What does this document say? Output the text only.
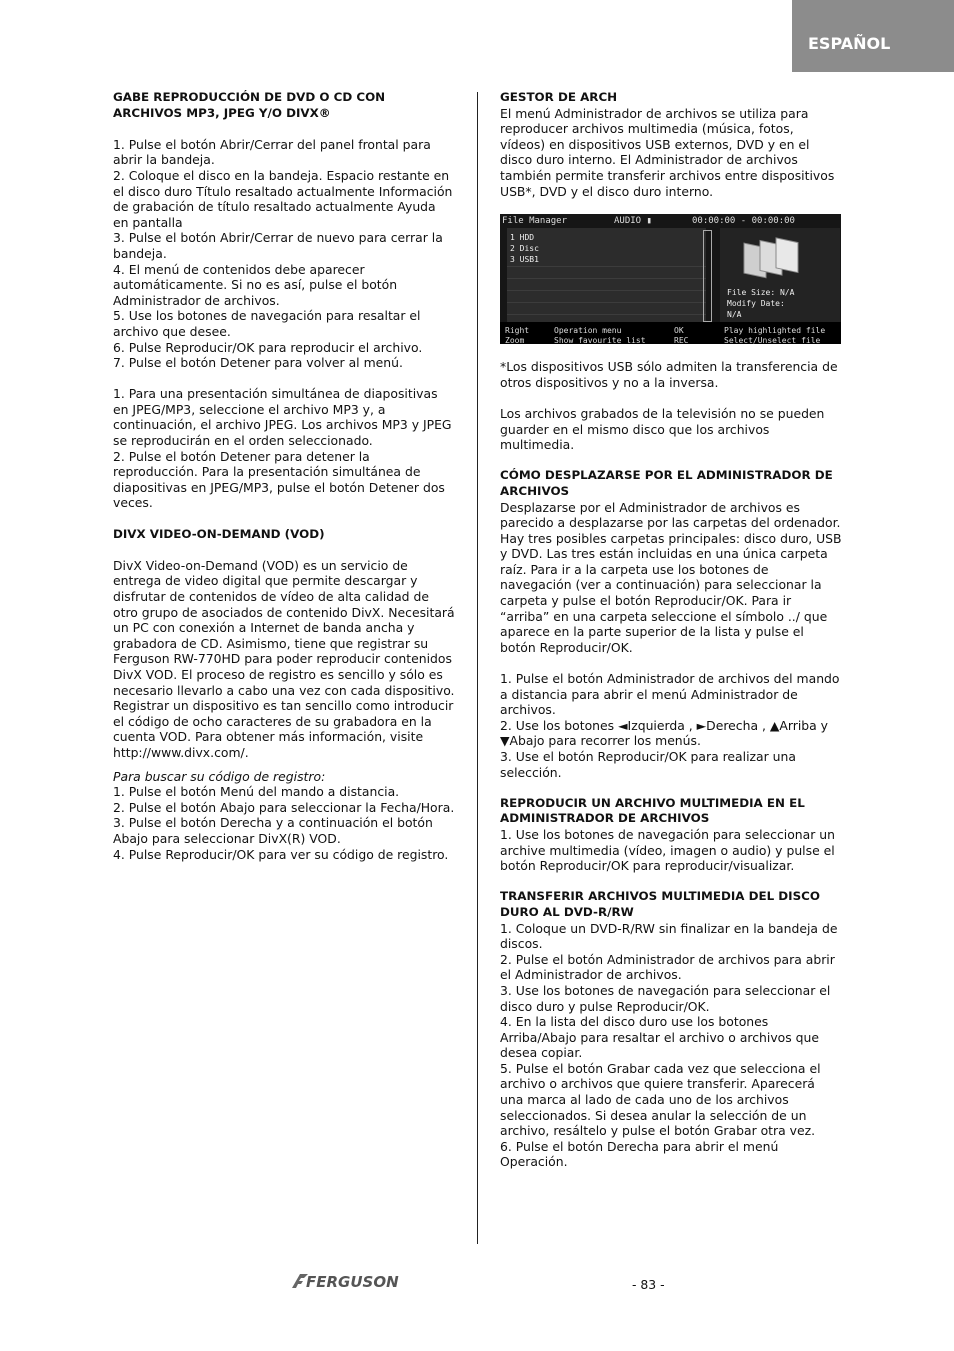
ESPAÑOL

GABE REPRODUCCIÓN DE DVD O CD CON ARCHIVOS MP3, JPEG Y/O DIVX®

1. Pulse el botón Abrir/Cerrar del panel frontal para abrir la bandeja.

2. Coloque el disco en la bandeja. Espacio restante en el disco duro Título resaltado actualmente Información de grabación de título resaltado actualmente Ayuda en pantalla

3. Pulse el botón Abrir/Cerrar de nuevo para cerrar la bandeja.

4. El menú de contenidos debe aparecer automáticamente. Si no es así, pulse el botón Administrador de archivos.

5. Use los botones de navegación para resaltar el archivo que desee.

6. Pulse Reproducir/OK para reproducir el archivo.

7. Pulse el botón Detener para volver al menú.

1. Para una presentación simultánea de diapositivas en JPEG/MP3, seleccione el archivo MP3 y, a continuación, el archivo JPEG. Los archivos MP3 y JPEG se reproducirán en el orden seleccionado.

2. Pulse el botón Detener para detener la reproducción. Para la presentación simultánea de diapositivas en JPEG/MP3, pulse el botón Detener dos veces.

DIVX VIDEO-ON-DEMAND (VOD)

DivX Video-on-Demand (VOD) es un servicio de entrega de video digital que permite descargar y disfrutar de contenidos de vídeo de alta calidad de otro grupo de asociados de contenido DivX. Necesitará un PC con conexión a Internet de banda ancha y grabadora de CD. Asimismo, tiene que registrar su Ferguson RW-770HD para poder reproducir contenidos DivX VOD. El proceso de registro es sencillo y sólo es necesario llevarlo a cabo una vez con cada dispositivo. Registrar un dispositivo es tan sencillo como introducir el código de ocho caracteres de su grabadora en la cuenta VOD. Para obtener más información, visite http://www.divx.com/.

Para buscar su código de registro:

1. Pulse el botón Menú del mando a distancia.

2. Pulse el botón Abajo para seleccionar la Fecha/Hora.

3. Pulse el botón Derecha y a continuación el botón Abajo para seleccionar DivX(R) VOD.

4. Pulse Reproducir/OK para ver su código de registro.

GESTOR DE ARCH

El menú Administrador de archivos se utiliza para reproducer archivos multimedia (música, fotos, vídeos) en dispositivos USB externos, DVD y en el disco duro interno. El Administrador de archivos también permite transferir archivos entre dispositivos USB*, DVD y el disco duro interno.

File Manager	AUDIO ▮	00:00:00 - 00:00:00
1 HDD
2 Disc
3 USB1
File Size: N/A
Modify Date:
N/A
Right	Operation menu	OK	Play highlighted file
Zoom	Show favourite list	REC	Select/Unselect file

*Los dispositivos USB sólo admiten la transferencia de otros dispositivos y no a la inversa.

Los archivos grabados de la televisión no se pueden guarder en el mismo disco que los archivos multimedia.

CÓMO DESPLAZARSE POR EL ADMINISTRADOR DE ARCHIVOS

Desplazarse por el Administrador de archivos es parecido a desplazarse por las carpetas del ordenador. Hay tres posibles carpetas principales: disco duro, USB y DVD. Las tres están incluidas en una única carpeta raíz. Para ir a la carpeta use los botones de navegación (ver a continuación) para seleccionar la carpeta y pulse el botón Reproducir/OK. Para ir “arriba” en una carpeta seleccione el símbolo ../ que aparece en la parte superior de la lista y pulse el botón Reproducir/OK.

1. Pulse el botón Administrador de archivos del mando a distancia para abrir el menú Administrador de archivos.

2. Use los botones ◄Izquierda , ►Derecha , ▲Arriba y ▼Abajo para recorrer los menús.

3. Use el botón Reproducir/OK para realizar una selección.

REPRODUCIR UN ARCHIVO MULTIMEDIA EN EL ADMINISTRADOR DE ARCHIVOS

1. Use los botones de navegación para seleccionar un archive multimedia (vídeo, imagen o audio) y pulse el botón Reproducir/OK para reproducir/visualizar.

TRANSFERIR ARCHIVOS MULTIMEDIA DEL DISCO DURO AL DVD-R/RW

1. Coloque un DVD-R/RW sin finalizar en la bandeja de discos.

2. Pulse el botón Administrador de archivos para abrir el Administrador de archivos.

3. Use los botones de navegación para seleccionar el disco duro y pulse Reproducir/OK.

4. En la lista del disco duro use los botones Arriba/Abajo para resaltar el archivo o archivos que desea copiar.

5. Pulse el botón Grabar cada vez que selecciona el archivo o archivos que quiere transferir. Aparecerá una marca al lado de cada uno de los archivos seleccionados. Si desea anular la selección de un archivo, resáltelo y pulse el botón Grabar otra vez.

6. Pulse el botón Derecha para abrir el menú Operación.

FERGUSON	- 83 -
